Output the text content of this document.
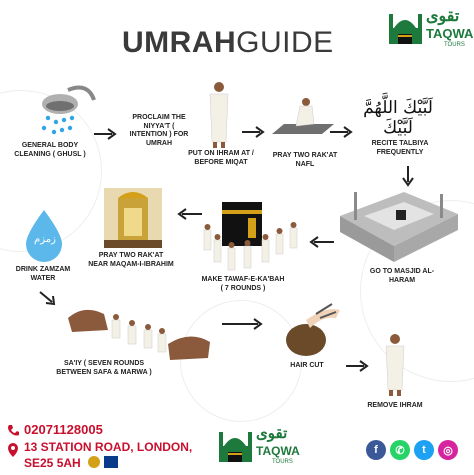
UMRAHGUIDE
تقوى
TAQWA
TOURS
GENERAL BODY CLEANING ( GHUSL )
PROCLAIM THE NIYYA'T ( INTENTION ) FOR UMRAH
PUT ON IHRAM AT / BEFORE MIQAT
PRAY TWO RAK'AT NAFL
لَبَّيْكَ اللَّهُمَّ لَبَّيْكَ
RECITE TALBIYA FREQUENTLY
GO TO MASJID AL-HARAM
MAKE TAWAF-E-KA'BAH ( 7 ROUNDS )
PRAY TWO RAK'AT NEAR MAQAM-I-IBRAHIM
زمزم
DRINK ZAMZAM WATER
SA'IY ( SEVEN ROUNDS BETWEEN SAFA & MARWA )
HAIR CUT
REMOVE IHRAM
02071128005
13 STATION ROAD, LONDON,
SE25 5AH
تقوى
TAQWA
TOURS
f	✆	t	◎
